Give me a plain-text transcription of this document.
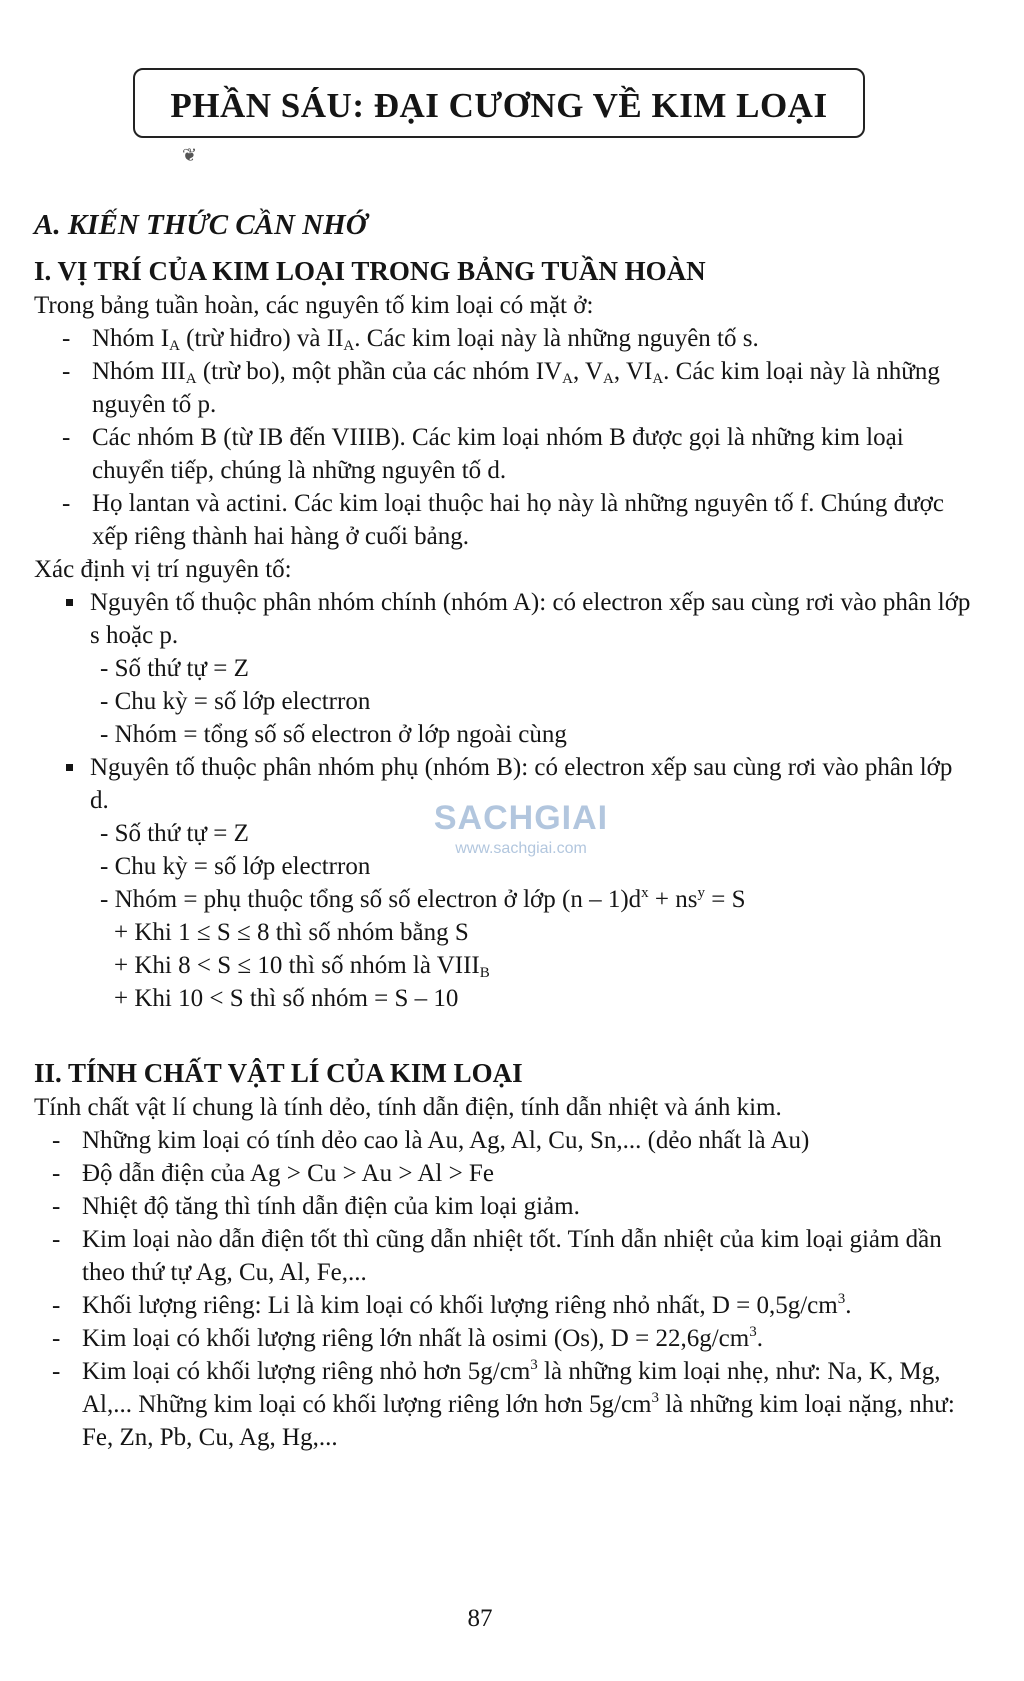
PHẦN SÁU: ĐẠI CƯƠNG VỀ KIM LOẠI
❦
A. KIẾN THỨC CẦN NHỚ
I. VỊ TRÍ CỦA KIM LOẠI TRONG BẢNG TUẦN HOÀN

Trong bảng tuần hoàn, các nguyên tố kim loại có mặt ở:

- Nhóm $I_A$ (trừ hiđro) và $II_A$. Các kim loại này là những nguyên tố s.

- Nhóm $III_A$ (trừ bo), một phần của các nhóm $IV_A$, $V_A$, $VI_A$. Các kim loại này là những nguyên tố p.

- Các nhóm B (từ IB đến VIIIB). Các kim loại nhóm B được gọi là những kim loại chuyển tiếp, chúng là những nguyên tố d.

- Họ lantan và actini. Các kim loại thuộc hai họ này là những nguyên tố f. Chúng được xếp riêng thành hai hàng ở cuối bảng.

Xác định vị trí nguyên tố:

Nguyên tố thuộc phân nhóm chính (nhóm A): có electron xếp sau cùng rơi vào phân lớp s hoặc p.

- Số thứ tự = Z

- Chu kỳ = số lớp electrron

- Nhóm = tổng số số electron ở lớp ngoài cùng

Nguyên tố thuộc phân nhóm phụ (nhóm B): có electron xếp sau cùng rơi vào phân lớp d.

- Số thứ tự = Z

- Chu kỳ = số lớp electrron

- Nhóm = phụ thuộc tổng số số electron ở lớp $(n - 1)d^x + ns^y = S$

+ Khi 1 ≤ S ≤ 8 thì số nhóm bằng S

+ Khi 8 < S ≤ 10 thì số nhóm là $VIII_B$

+ Khi 10 < S thì số nhóm = S – 10

II. TÍNH CHẤT VẬT LÍ CỦA KIM LOẠI

Tính chất vật lí chung là tính dẻo, tính dẫn điện, tính dẫn nhiệt và ánh kim.

- Những kim loại có tính dẻo cao là Au, Ag, Al, Cu, Sn,... (dẻo nhất là Au)

- Độ dẫn điện của Ag > Cu > Au > Al > Fe

- Nhiệt độ tăng thì tính dẫn điện của kim loại giảm.

- Kim loại nào dẫn điện tốt thì cũng dẫn nhiệt tốt. Tính dẫn nhiệt của kim loại giảm dần theo thứ tự Ag, Cu, Al, Fe,...

- Khối lượng riêng: Li là kim loại có khối lượng riêng nhỏ nhất, $D = 0,5g/cm^3$.

- Kim loại có khối lượng riêng lớn nhất là osimi (Os), $D = 22,6g/cm^3$.

- Kim loại có khối lượng riêng nhỏ hơn $5g/cm^3$ là những kim loại nhẹ, như: Na, K, Mg, Al,... Những kim loại có khối lượng riêng lớn hơn $5g/cm^3$ là những kim loại nặng, như: Fe, Zn, Pb, Cu, Ag, Hg,...

SACHGIAI
www.sachgiai.com
87
